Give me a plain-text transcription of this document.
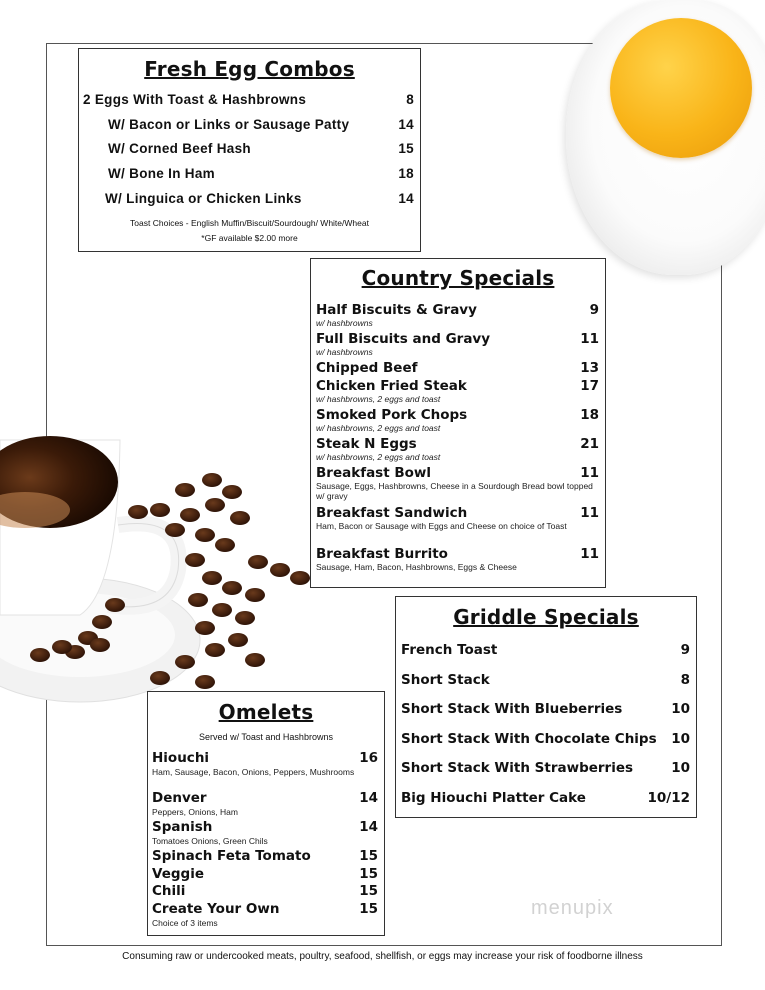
Fresh Egg Combos
2 Eggs With Toast & Hashbrowns	8
W/ Bacon or Links or Sausage Patty	14
W/ Corned Beef Hash	15
W/ Bone In Ham	18
W/ Linguica or Chicken Links	14
Toast Choices - English Muffin/Biscuit/Sourdough/ White/Wheat
*GF available $2.00 more
Country Specials
Half Biscuits & Gravy	9
w/ hashbrowns
Full Biscuits and Gravy	11
w/ hashbrowns
Chipped Beef	13
Chicken Fried Steak	17
w/ hashbrowns, 2 eggs and toast
Smoked Pork Chops	18
w/ hashbrowns, 2 eggs and toast
Steak N Eggs	21
w/ hashbrowns, 2 eggs and toast
Breakfast Bowl	11
Sausage, Eggs, Hashbrowns, Cheese in a Sourdough Bread bowl topped w/ gravy
Breakfast Sandwich	11
Ham, Bacon or Sausage with Eggs and Cheese on choice of Toast
Breakfast Burrito	11
Sausage, Ham, Bacon, Hashbrowns, Eggs & Cheese
Griddle Specials
French Toast	9
Short Stack	8
Short Stack With Blueberries	10
Short Stack With Chocolate Chips 10
Short Stack With Strawberries	10
Big Hiouchi Platter Cake	10/12
Omelets
Served w/ Toast and Hashbrowns
Hiouchi	16
Ham, Sausage, Bacon, Onions, Peppers, Mushrooms
Denver	14
Peppers, Onions, Ham
Spanish	14
Tomatoes Onions, Green Chils
Spinach Feta Tomato	15
Veggie	15
Chili	15
Create Your Own	15
Choice of 3 items
menupix
Consuming raw or undercooked meats, poultry, seafood, shellfish, or eggs may increase your risk of foodborne illness
